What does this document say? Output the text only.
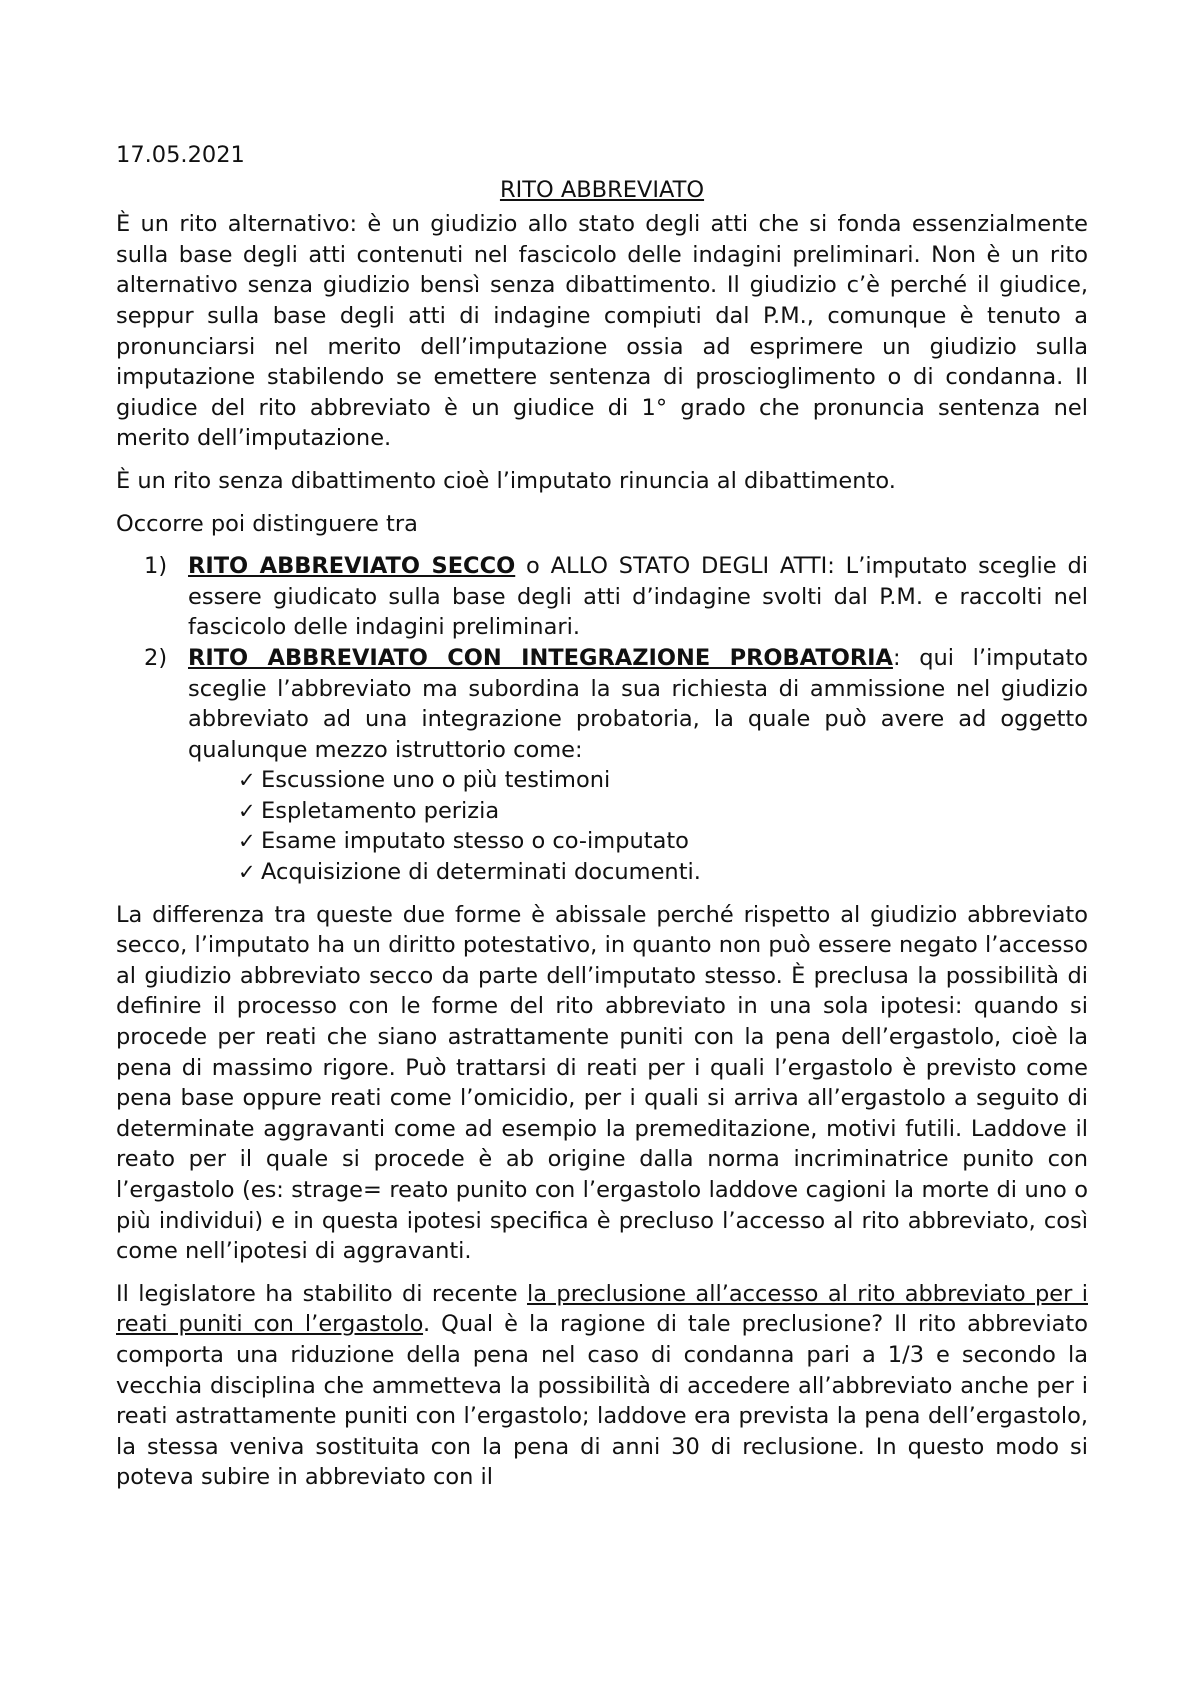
17.05.2021
RITO ABBREVIATO

È un rito alternativo: è un giudizio allo stato degli atti che si fonda essenzialmente sulla base degli atti contenuti nel fascicolo delle indagini preliminari. Non è un rito alternativo senza giudizio bensì senza dibattimento. Il giudizio c’è perché il giudice, seppur sulla base degli atti di indagine compiuti dal P.M., comunque è tenuto a pronunciarsi nel merito dell’imputazione ossia ad esprimere un giudizio sulla imputazione stabilendo se emettere sentenza di proscioglimento o di condanna. Il giudice del rito abbreviato è un giudice di 1° grado che pronuncia sentenza nel merito dell’imputazione.

È un rito senza dibattimento cioè l’imputato rinuncia al dibattimento.

Occorre poi distinguere tra

1) RITO ABBREVIATO SECCO o ALLO STATO DEGLI ATTI: L’imputato sceglie di essere giudicato sulla base degli atti d’indagine svolti dal P.M. e raccolti nel fascicolo delle indagini preliminari.
2) RITO ABBREVIATO CON INTEGRAZIONE PROBATORIA: qui l’imputato sceglie l’abbreviato ma subordina la sua richiesta di ammissione nel giudizio abbreviato ad una integrazione probatoria, la quale può avere ad oggetto qualunque mezzo istruttorio come:
✓ Escussione uno o più testimoni
✓ Espletamento perizia
✓ Esame imputato stesso o co-imputato
✓ Acquisizione di determinati documenti.

La differenza tra queste due forme è abissale perché rispetto al giudizio abbreviato secco, l’imputato ha un diritto potestativo, in quanto non può essere negato l’accesso al giudizio abbreviato secco da parte dell’imputato stesso. È preclusa la possibilità di definire il processo con le forme del rito abbreviato in una sola ipotesi: quando si procede per reati che siano astrattamente puniti con la pena dell’ergastolo, cioè la pena di massimo rigore. Può trattarsi di reati per i quali l’ergastolo è previsto come pena base oppure reati come l’omicidio, per i quali si arriva all’ergastolo a seguito di determinate aggravanti come ad esempio la premeditazione, motivi futili. Laddove il reato per il quale si procede è ab origine dalla norma incriminatrice punito con l’ergastolo (es: strage= reato punito con l’ergastolo laddove cagioni la morte di uno o più individui) e in questa ipotesi specifica è precluso l’accesso al rito abbreviato, così come nell’ipotesi di aggravanti.

Il legislatore ha stabilito di recente la preclusione all’accesso al rito abbreviato per i reati puniti con l’ergastolo. Qual è la ragione di tale preclusione? Il rito abbreviato comporta una riduzione della pena nel caso di condanna pari a 1/3 e secondo la vecchia disciplina che ammetteva la possibilità di accedere all’abbreviato anche per i reati astrattamente puniti con l’ergastolo; laddove era prevista la pena dell’ergastolo, la stessa veniva sostituita con la pena di anni 30 di reclusione. In questo modo si poteva subire in abbreviato con il
